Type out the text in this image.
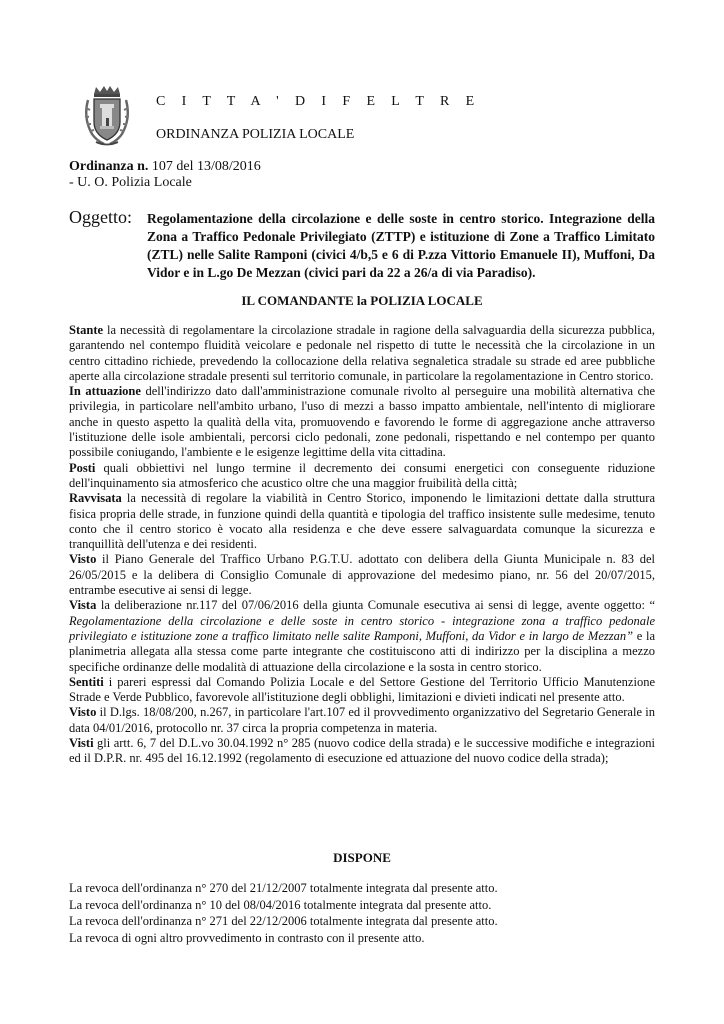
C I T T A ' D I F E L T R E
ORDINANZA POLIZIA LOCALE
Ordinanza n. 107 del 13/08/2016
- U. O. Polizia Locale
Oggetto: Regolamentazione della circolazione e delle soste in centro storico. Integrazione della Zona a Traffico Pedonale Privilegiato (ZTTP) e istituzione di Zone a Traffico Limitato (ZTL) nelle Salite Ramponi (civici 4/b,5 e 6 di P.zza Vittorio Emanuele II), Muffoni, Da Vidor e in L.go De Mezzan (civici pari da 22 a 26/a di via Paradiso).
IL COMANDANTE la POLIZIA LOCALE

Stante la necessità di regolamentare la circolazione stradale in ragione della salvaguardia della sicurezza pubblica, garantendo nel contempo fluidità veicolare e pedonale nel rispetto di tutte le necessità che la circolazione in un centro cittadino richiede, prevedendo la collocazione della relativa segnaletica stradale su strade ed aree pubbliche aperte alla circolazione stradale presenti sul territorio comunale, in particolare la regolamentazione in Centro storico.

In attuazione dell'indirizzo dato dall'amministrazione comunale rivolto al perseguire una mobilità alternativa che privilegia, in particolare nell'ambito urbano, l'uso di mezzi a basso impatto ambientale, nell'intento di migliorare anche in questo aspetto la qualità della vita, promuovendo e favorendo le forme di aggregazione anche attraverso l'istituzione delle isole ambientali, percorsi ciclo pedonali, zone pedonali, rispettando e nel contempo per quanto possibile coniugando, l'ambiente e le esigenze legittime della vita cittadina.

Posti quali obbiettivi nel lungo termine il decremento dei consumi energetici con conseguente riduzione dell'inquinamento sia atmosferico che acustico oltre che una maggior fruibilità della città;

Ravvisata la necessità di regolare la viabilità in Centro Storico, imponendo le limitazioni dettate dalla struttura fisica propria delle strade, in funzione quindi della quantità e tipologia del traffico insistente sulle medesime, tenuto conto che il centro storico è vocato alla residenza e che deve essere salvaguardata comunque la sicurezza e tranquillità dell'utenza e dei residenti.

Visto il Piano Generale del Traffico Urbano P.G.T.U. adottato con delibera della Giunta Municipale n. 83 del 26/05/2015 e la delibera di Consiglio Comunale di approvazione del medesimo piano, nr. 56 del 20/07/2015, entrambe esecutive ai sensi di legge.

Vista la deliberazione nr.117 del 07/06/2016 della giunta Comunale esecutiva ai sensi di legge, avente oggetto: “ Regolamentazione della circolazione e delle soste in centro storico - integrazione zona a traffico pedonale privilegiato e istituzione zone a traffico limitato nelle salite Ramponi, Muffoni, da Vidor e in largo de Mezzan” e la planimetria allegata alla stessa come parte integrante che costituiscono atti di indirizzo per la disciplina a mezzo specifiche ordinanze delle modalità di attuazione della circolazione e la sosta in centro storico.

Sentiti i pareri espressi dal Comando Polizia Locale e del Settore Gestione del Territorio Ufficio Manutenzione Strade e Verde Pubblico, favorevole all'istituzione degli obblighi, limitazioni e divieti indicati nel presente atto.

Visto il D.lgs. 18/08/200, n.267, in particolare l'art.107 ed il provvedimento organizzativo del Segretario Generale in data 04/01/2016, protocollo nr. 37 circa la propria competenza in materia.

Visti gli artt. 6, 7 del D.L.vo 30.04.1992 n° 285 (nuovo codice della strada) e le successive modifiche e integrazioni ed il D.P.R. nr. 495 del 16.12.1992 (regolamento di esecuzione ed attuazione del nuovo codice della strada);

DISPONE
La revoca dell'ordinanza n° 270 del 21/12/2007 totalmente integrata dal presente atto.
La revoca dell'ordinanza n° 10 del 08/04/2016 totalmente integrata dal presente atto.
La revoca dell'ordinanza n° 271 del 22/12/2006 totalmente integrata dal presente atto.
La revoca di ogni altro provvedimento in contrasto con il presente atto.
